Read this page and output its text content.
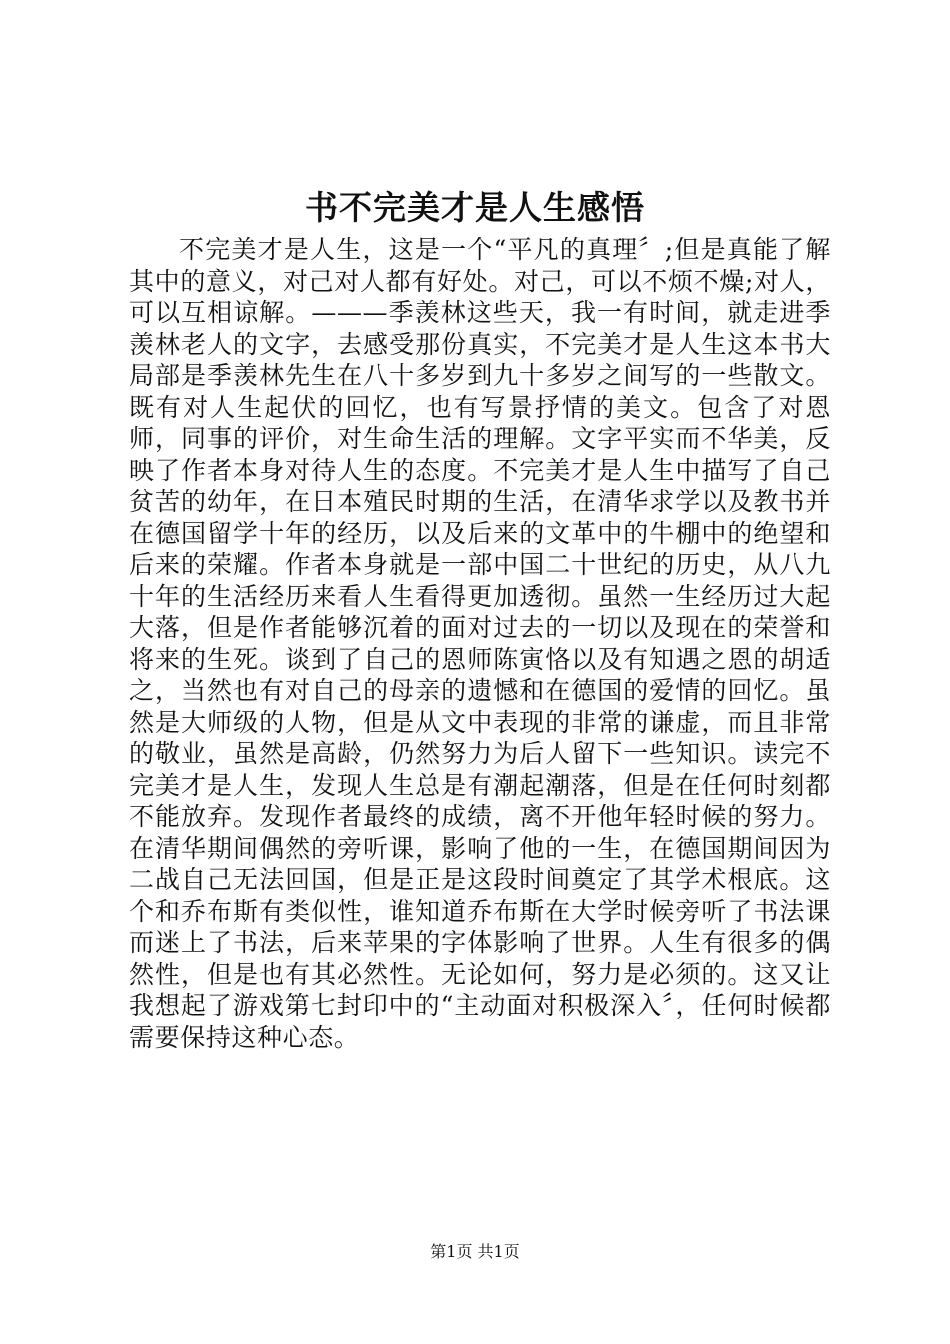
书不完美才是人生感悟

不完美才是人生，这是一个“平凡的真理〞;但是真能了解其中的意义，对己对人都有好处。对己，可以不烦不燥;对人，可以互相谅解。———季羡林这些天，我一有时间，就走进季羡林老人的文字，去感受那份真实，不完美才是人生这本书大局部是季羡林先生在八十多岁到九十多岁之间写的一些散文。既有对人生起伏的回忆，也有写景抒情的美文。包含了对恩师，同事的评价，对生命生活的理解。文字平实而不华美，反映了作者本身对待人生的态度。不完美才是人生中描写了自己贫苦的幼年，在日本殖民时期的生活，在清华求学以及教书并在德国留学十年的经历，以及后来的文革中的牛棚中的绝望和后来的荣耀。作者本身就是一部中国二十世纪的历史，从八九十年的生活经历来看人生看得更加透彻。虽然一生经历过大起大落，但是作者能够沉着的面对过去的一切以及现在的荣誉和将来的生死。谈到了自己的恩师陈寅恪以及有知遇之恩的胡适之，当然也有对自己的母亲的遗憾和在德国的爱情的回忆。虽然是大师级的人物，但是从文中表现的非常的谦虚，而且非常的敬业，虽然是高龄，仍然努力为后人留下一些知识。读完不完美才是人生，发现人生总是有潮起潮落，但是在任何时刻都不能放弃。发现作者最终的成绩，离不开他年轻时候的努力。在清华期间偶然的旁听课，影响了他的一生，在德国期间因为二战自己无法回国，但是正是这段时间奠定了其学术根底。这个和乔布斯有类似性，谁知道乔布斯在大学时候旁听了书法课而迷上了书法，后来苹果的字体影响了世界。人生有很多的偶然性，但是也有其必然性。无论如何，努力是必须的。这又让我想起了游戏第七封印中的“主动面对积极深入〞，任何时候都需要保持这种心态。

第1页 共1页
